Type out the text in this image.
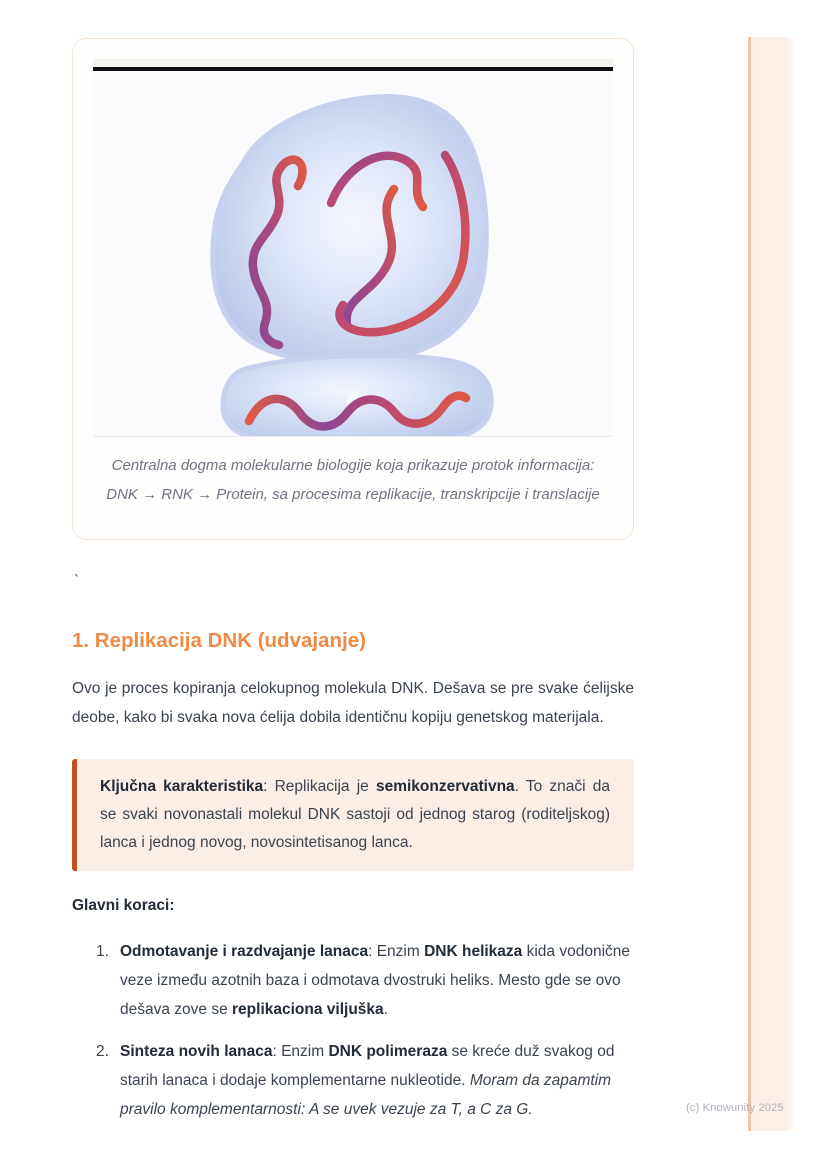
Centralna dogma molekularne biologije koja prikazuje protok informacija:
DNK → RNK → Protein, sa procesima replikacije, transkripcije i translacije

`

1. Replikacija DNK (udvajanje)

Ovo je proces kopiranja celokupnog molekula DNK. Dešava se pre svake ćelijske deobe, kako bi svaka nova ćelija dobila identičnu kopiju genetskog materijala.

Ključna karakteristika: Replikacija je semikonzervativna. To znači da se svaki novonastali molekul DNK sastoji od jednog starog (roditeljskog) lanca i jednog novog, novosintetisanog lanca.

Glavni koraci:

1. Odmotavanje i razdvajanje lanaca: Enzim DNK helikaza kida vodonične veze između azotnih baza i odmotava dvostruki heliks. Mesto gde se ovo dešava zove se replikaciona viljuška.
2. Sinteza novih lanaca: Enzim DNK polimeraza se kreće duž svakog od starih lanaca i dodaje komplementarne nukleotide. Moram da zapamtim pravilo komplementarnosti: A se uvek vezuje za T, a C za G.	(c) Knowunity 2025
